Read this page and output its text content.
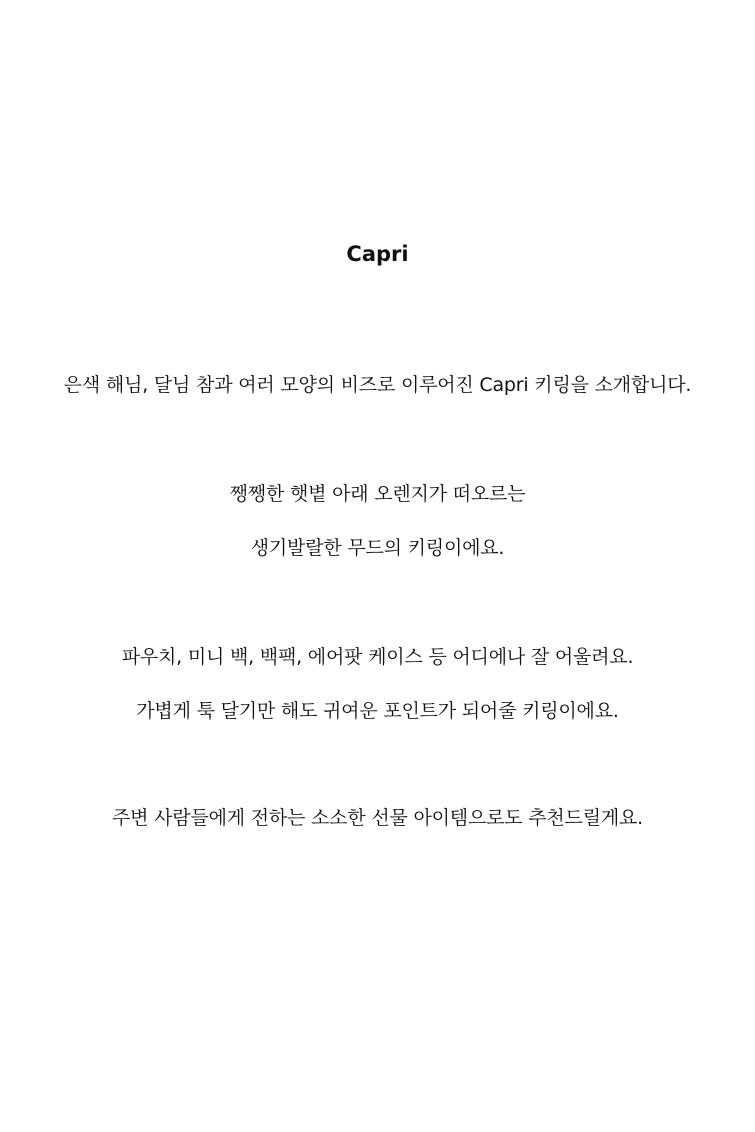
Capri
은색 해님, 달님 참과 여러 모양의 비즈로 이루어진 Capri 키링을 소개합니다.
쨍쨍한 햇볕 아래 오렌지가 떠오르는
생기발랄한 무드의 키링이에요.
파우치, 미니 백, 백팩, 에어팟 케이스 등 어디에나 잘 어울려요.
가볍게 툭 달기만 해도 귀여운 포인트가 되어줄 키링이에요.
주변 사람들에게 전하는 소소한 선물 아이템으로도 추천드릴게요.
